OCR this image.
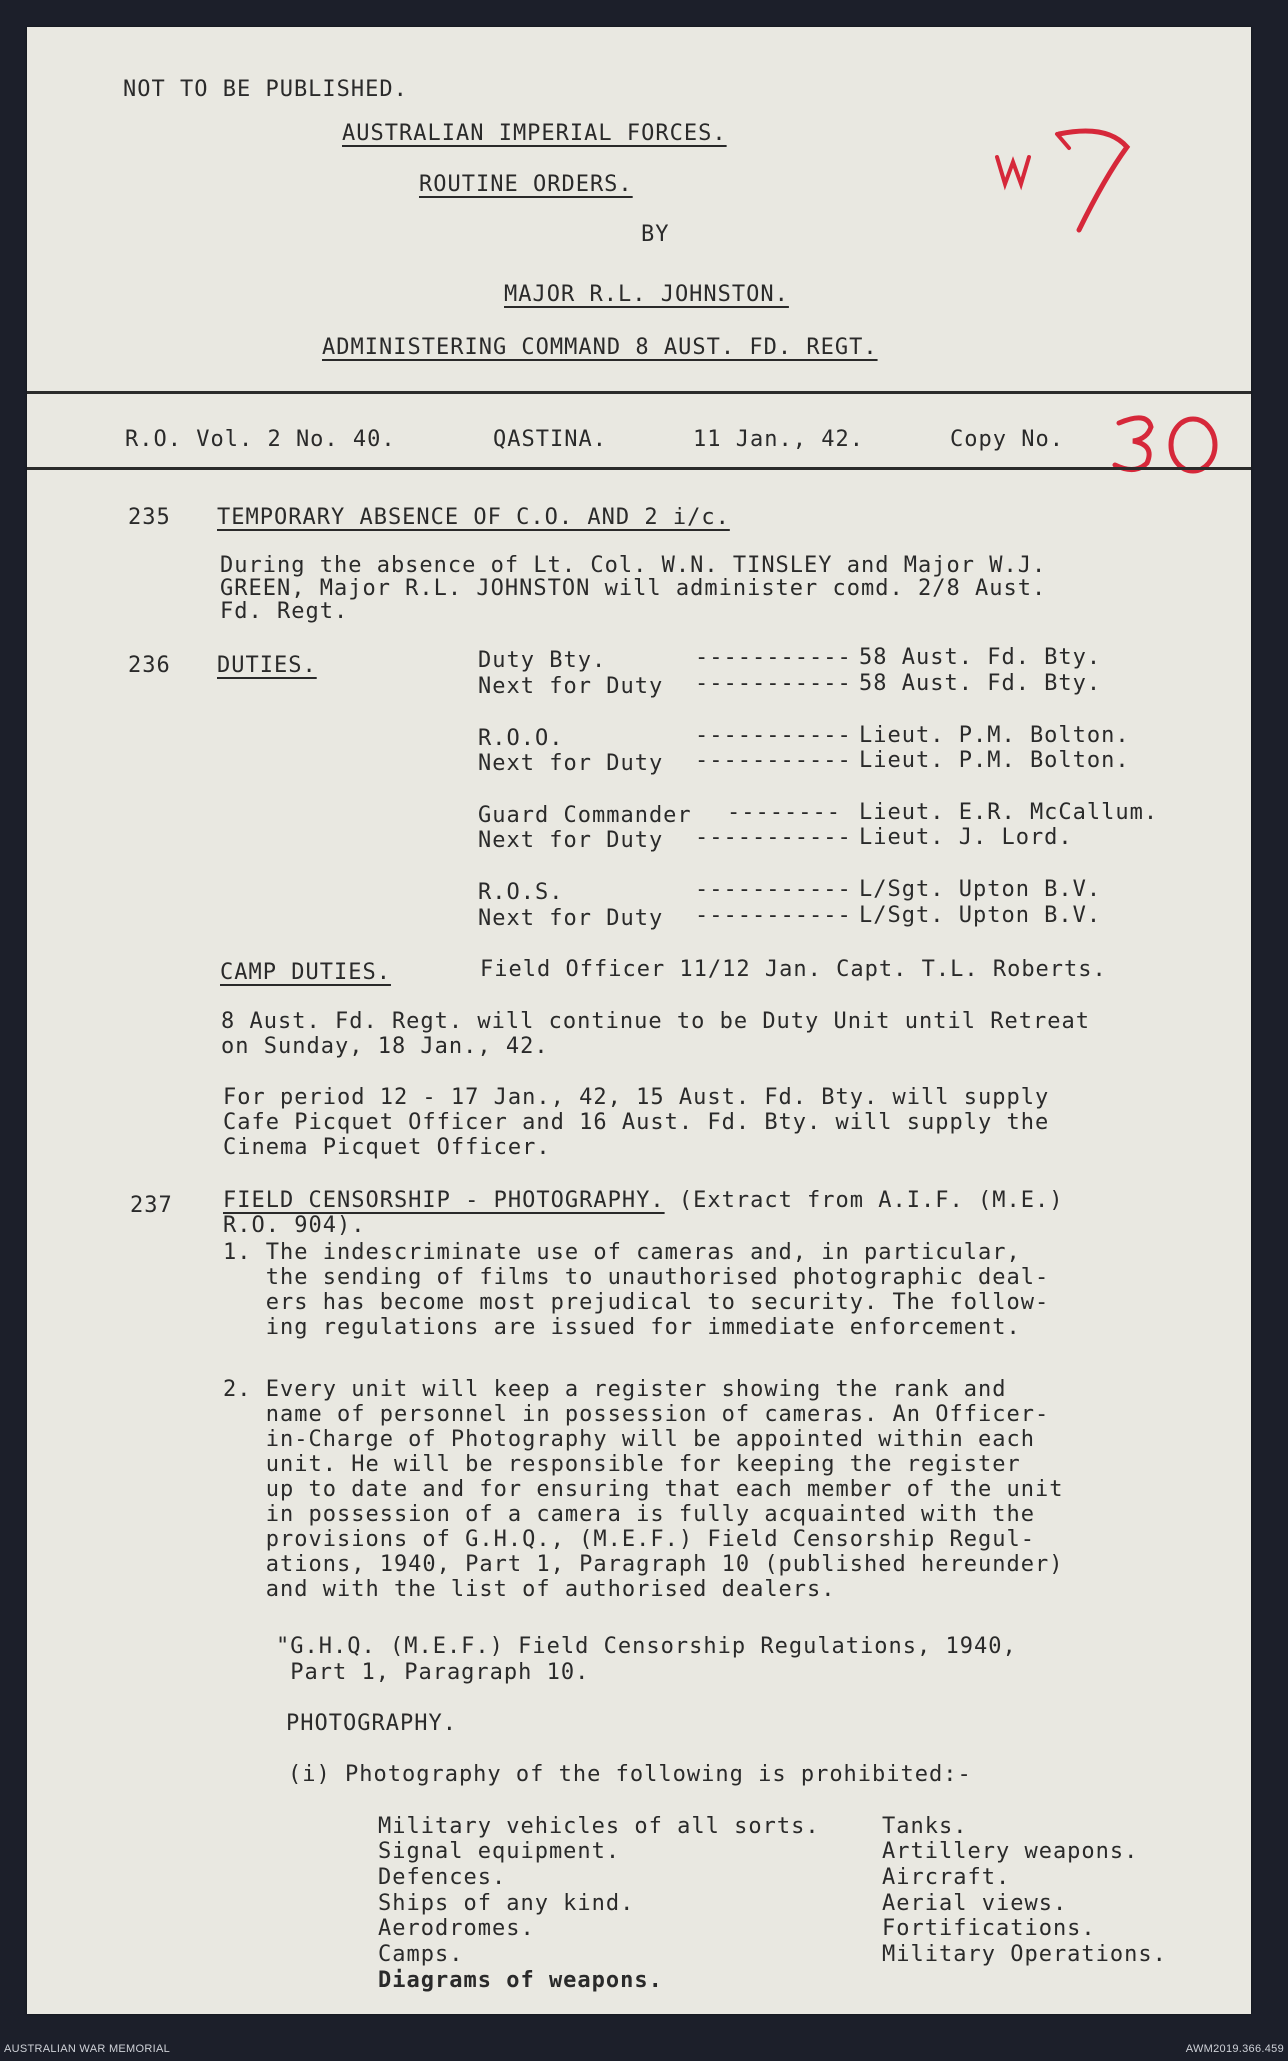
NOT TO BE PUBLISHED.
AUSTRALIAN IMPERIAL FORCES.
ROUTINE ORDERS.
BY
MAJOR R.L. JOHNSTON.
ADMINISTERING COMMAND 8 AUST. FD. REGT.
R.O. Vol. 2 No. 40.	QASTINA.	11 Jan., 42.	Copy No.
235 TEMPORARY ABSENCE OF C.O. AND 2 i/c.
During the absence of Lt. Col. W.N. TINSLEY and Major W.J.
GREEN, Major R.L. JOHNSTON will administer comd. 2/8 Aust.
Fd. Regt.
236 DUTIES.	Duty Bty.	----------- 58 Aust. Fd. Bty.
Next for Duty ----------- 58 Aust. Fd. Bty.
R.O.O.	----------- Lieut. P.M. Bolton.
Next for Duty ----------- Lieut. P.M. Bolton.
Guard Commander -------- Lieut. E.R. McCallum.
Next for Duty ----------- Lieut. J. Lord.
R.O.S.	----------- L/Sgt. Upton B.V.
Next for Duty ----------- L/Sgt. Upton B.V.
CAMP DUTIES.	Field Officer 11/12 Jan. Capt. T.L. Roberts.
8 Aust. Fd. Regt. will continue to be Duty Unit until Retreat
on Sunday, 18 Jan., 42.
For period 12 - 17 Jan., 42, 15 Aust. Fd. Bty. will supply
Cafe Picquet Officer and 16 Aust. Fd. Bty. will supply the
Cinema Picquet Officer.
237 FIELD CENSORSHIP - PHOTOGRAPHY. (Extract from A.I.F. (M.E.)
R.O. 904).
1. The indescriminate use of cameras and, in particular,
the sending of films to unauthorised photographic deal-
ers has become most prejudical to security. The follow-
ing regulations are issued for immediate enforcement.
2. Every unit will keep a register showing the rank and
name of personnel in possession of cameras. An Officer-
in-Charge of Photography will be appointed within each
unit. He will be responsible for keeping the register
up to date and for ensuring that each member of the unit
in possession of a camera is fully acquainted with the
provisions of G.H.Q., (M.E.F.) Field Censorship Regul-
ations, 1940, Part 1, Paragraph 10 (published hereunder)
and with the list of authorised dealers.
"G.H.Q. (M.E.F.) Field Censorship Regulations, 1940,
Part 1, Paragraph 10.
PHOTOGRAPHY.
(i) Photography of the following is prohibited:-
Military vehicles of all sorts.
Signal equipment.
Defences.
Ships of any kind.
Aerodromes.
Camps.
Diagrams of weapons.
Tanks.
Artillery weapons.
Aircraft.
Aerial views.
Fortifications.
Military Operations.
AUSTRALIAN WAR MEMORIAL	AWM2019.366.459
